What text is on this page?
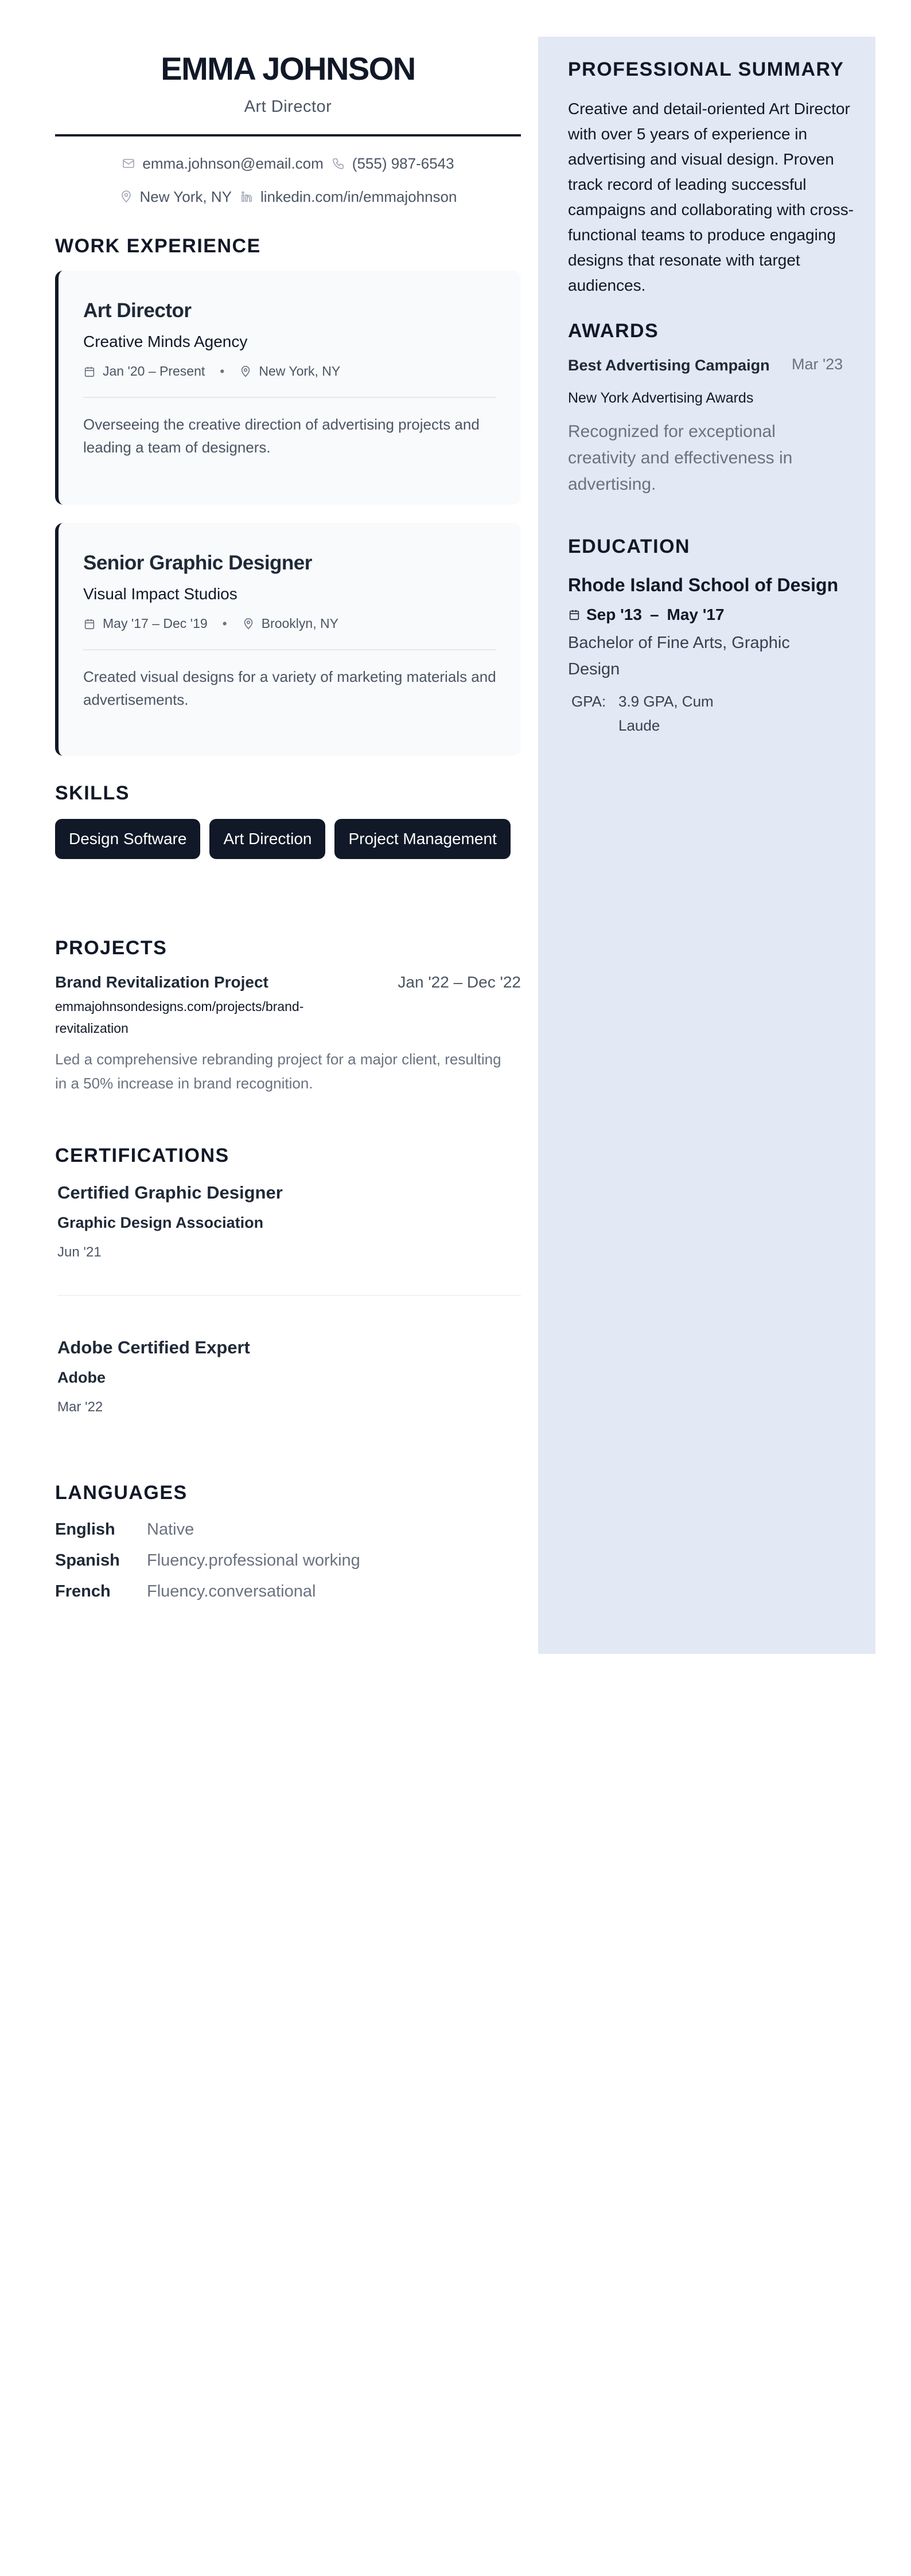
EMMA JOHNSON
Art Director
emma.johnson@email.com (555) 987-6543
New York, NY linkedin.com/in/emmajohnson
WORK EXPERIENCE
Art Director
Creative Minds Agency
Jan '20 – Present •	New York, NY
Overseeing the creative direction of advertising projects and leading a team of designers.
Senior Graphic Designer
Visual Impact Studios
May '17 – Dec '19 •	Brooklyn, NY
Created visual designs for a variety of marketing materials and advertisements.
SKILLS
Design Software	Art Direction	Project Management
PROJECTS
Brand Revitalization Project	Jan '22 – Dec '22
emmajohnsondesigns.com/projects/brand-revitalization
Led a comprehensive rebranding project for a major client, resulting in a 50% increase in brand recognition.
CERTIFICATIONS
Certified Graphic Designer
Graphic Design Association
Jun '21
Adobe Certified Expert
Adobe
Mar '22
LANGUAGES
English	Native
Spanish	Fluency.professional working
French	Fluency.conversational
PROFESSIONAL SUMMARY
Creative and detail-oriented Art Director with over 5 years of experience in advertising and visual design. Proven track record of leading successful campaigns and collaborating with cross-functional teams to produce engaging designs that resonate with target audiences.
AWARDS
Best Advertising Campaign Mar '23
New York Advertising Awards
Recognized for exceptional creativity and effectiveness in advertising.
EDUCATION
Rhode Island School of Design
Sep '13 – May '17
Bachelor of Fine Arts, Graphic Design
GPA: 3.9 GPA, Cum Laude
